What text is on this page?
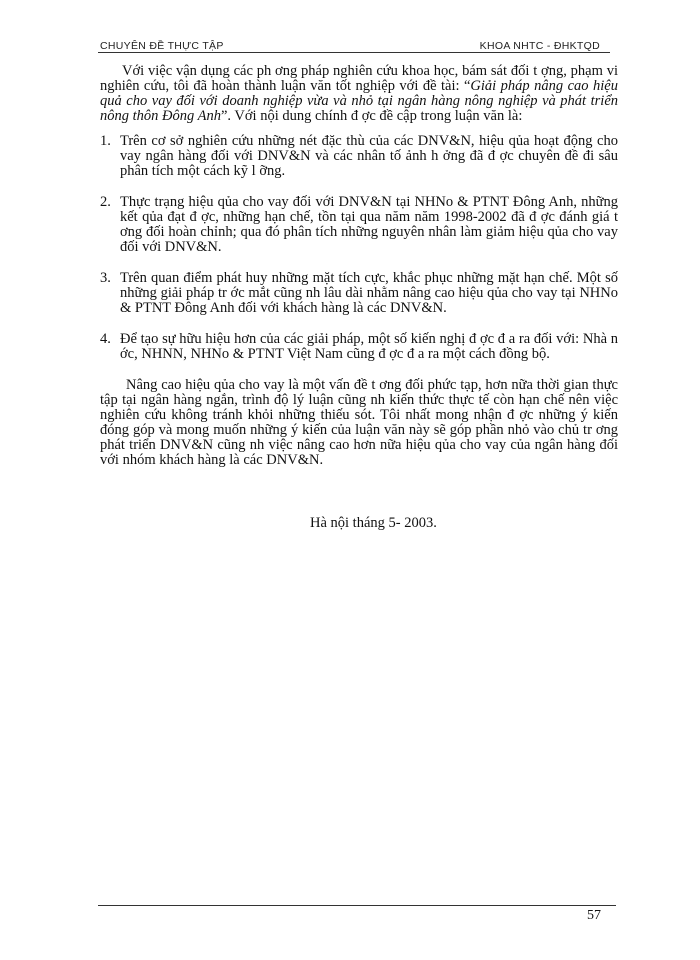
CHUYÊN ĐỀ THỰC TẬP	KHOA NHTC - ĐHKTQD

Với việc vận dụng các ph ơng pháp nghiên cứu khoa học, bám sát đối t ợng, phạm vi nghiên cứu, tôi đã hoàn thành luận văn tốt nghiệp với đề tài: “Giải pháp nâng cao hiệu quả cho vay đối với doanh nghiệp vừa và nhỏ tại ngân hàng nông nghiệp và phát triển nông thôn Đông Anh”. Với nội dung chính đ ợc đề cập trong luận văn là:

1. Trên cơ sở nghiên cứu những nét đặc thù của các DNV&N, hiệu qủa hoạt động cho vay ngân hàng đối với DNV&N và các nhân tố ảnh h ởng đã đ ợc chuyên đề đi sâu phân tích một cách kỹ l ỡng.
2. Thực trạng hiệu qủa cho vay đối với DNV&N tại NHNo & PTNT Đông Anh, những kết qủa đạt đ ợc, những hạn chế, tồn tại qua năm năm 1998-2002 đã đ ợc đánh giá t ơng đối hoàn chỉnh; qua đó phân tích những nguyên nhân làm giảm hiệu qủa cho vay đối với DNV&N.
3. Trên quan điểm phát huy những mặt tích cực, khắc phục những mặt hạn chế. Một số những giải pháp tr ớc mắt cũng nh lâu dài nhằm nâng cao hiệu qủa cho vay tại NHNo & PTNT Đông Anh đối với khách hàng là các DNV&N.
4. Để tạo sự hữu hiệu hơn của các giải pháp, một số kiến nghị đ ợc đ a ra đối với: Nhà n ớc, NHNN, NHNo & PTNT Việt Nam cũng đ ợc đ a ra một cách đồng bộ.

Nâng cao hiệu qủa cho vay là một vấn đề t ơng đối phức tạp, hơn nữa thời gian thực tập tại ngân hàng ngắn, trình độ lý luận cũng nh kiến thức thực tế còn hạn chế nên việc nghiên cứu không tránh khỏi những thiếu sót. Tôi nhất mong nhận đ ợc những ý kiến đóng góp và mong muốn những ý kiến của luận văn này sẽ góp phần nhỏ vào chủ tr ơng phát triển DNV&N cũng nh việc nâng cao hơn nữa hiệu qủa cho vay của ngân hàng đối với nhóm khách hàng là các DNV&N.

Hà nội tháng 5- 2003.

57
